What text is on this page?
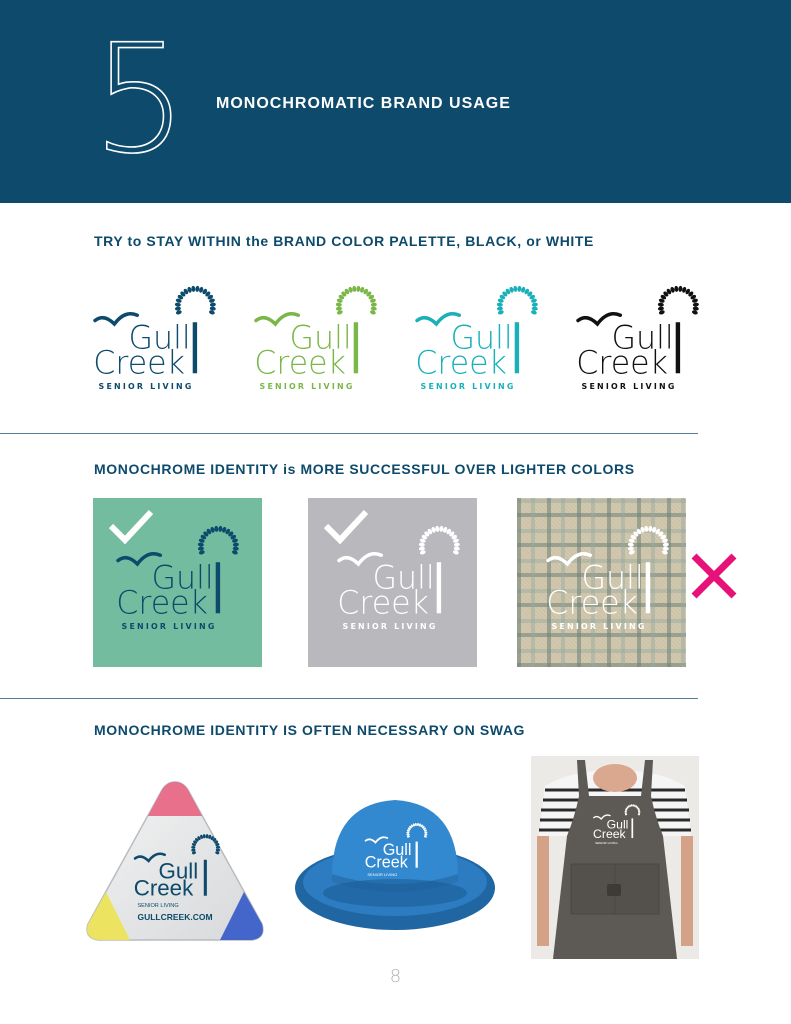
5 MONOCHROMATIC BRAND USAGE
TRY to STAY WITHIN the BRAND COLOR PALETTE, BLACK, or WHITE
Gull
Creek
SENIOR LIVING
Gull
Creek
SENIOR LIVING
Gull
Creek
SENIOR LIVING
Gull
Creek
SENIOR LIVING
MONOCHROME IDENTITY is MORE SUCCESSFUL OVER LIGHTER COLORS
Gull
Creek
SENIOR LIVING
Gull
Creek
SENIOR LIVING
Gull
Creek
SENIOR LIVING
MONOCHROME IDENTITY IS OFTEN NECESSARY ON SWAG
Gull
Creek
SENIOR LIVING
GULLCREEK.COM
Gull
Creek
SENIOR LIVING
Gull
Creek
SENIOR LIVING
8
